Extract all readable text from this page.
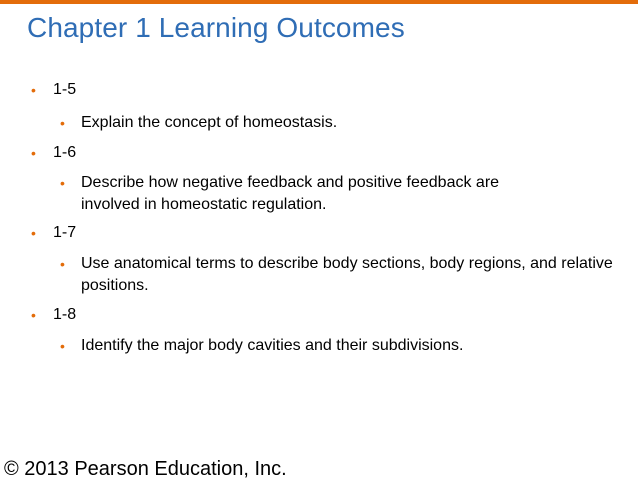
Chapter 1 Learning Outcomes
• 1-5
• Explain the concept of homeostasis.
• 1-6
• Describe how negative feedback and positive feedback are involved in homeostatic regulation.
• 1-7
• Use anatomical terms to describe body sections, body regions, and relative positions.
• 1-8
• Identify the major body cavities and their subdivisions.
© 2013 Pearson Education, Inc.
